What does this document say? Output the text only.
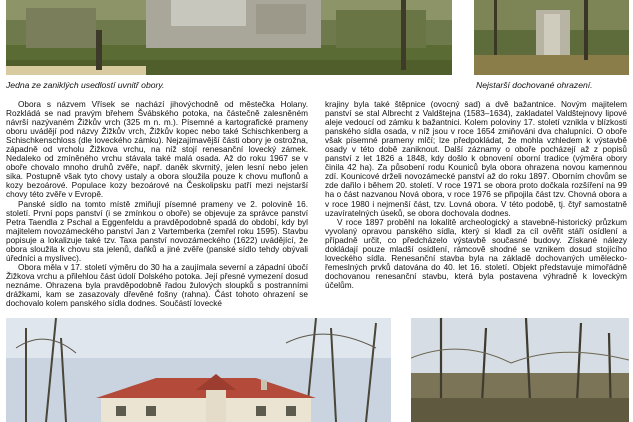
Jedna ze zaniklých usedlostí uvnitř obory.	Nejstarší dochované ohrazení.

Obora s názvem Vřísek se nachází jihovýchodně od městečka Holany. Rozkládá se nad pravým břehem Švábského potoka, na částečně zalesněném návrší nazývaném Žižkův vrch (325 m n. m.). Písemné a kartografické prameny oboru uvádějí pod názvy Žižkův vrch, Žižkův kopec nebo také Schischkenberg a Schischkenschloss (dle loveckého zámku). Nejzajímavější části obory je ostrožna, západně od vrcholu Žižkova vrchu, na níž stojí renesanční lovecký zámek. Nedaleko od zmíněného vrchu stávala také malá osada. Až do roku 1967 se v oboře chovalo mnoho druhů zvěře, např. daněk skvrnitý, jelen lesní nebo jelen sika. Postupně však tyto chovy ustaly a obora sloužila pouze k chovu muflonů a kozy bezoárové. Populace kozy bezoárové na Českolipsku patří mezi nejstarší chovy této zvěře v Evropě.

Panské sídlo na tomto místě zmiňují písemné prameny ve 2. polovině 16. století. První pops panství (i se zmínkou o oboře) se objevuje za správce panství Petra Taendla z Pschal a Eggenfeldu a pravděpodobně spadá do období, kdy byl majitelem novozámeckého panství Jan z Vartemberka (zemřel roku 1595). Stavbu popisuje a lokalizuje také tzv. Taxa panství novozámeckého (1622) uvádějící, že obora sloužila k chovu sta jelenů, daňků a jiné zvěře (panské sídlo tehdy obývali úředníci a myslivec).

Obora měla v 17. století výměru do 30 ha a zaujímala severní a západní úbočí Žižkova vrchu a přilehlou část údolí Dolského potoka. Její přesné vymezení dosud neznáme. Ohrazena byla pravděpodobně řadou žulových sloupků s postranními drážkami, kam se zasazovaly dřevěné fošny (rahna). Část tohoto ohrazení se dochovalo kolem panského sídla dodnes. Součástí lovecké

krajiny byla také štěpnice (ovocný sad) a dvě bažantnice. Novým majitelem panství se stal Albrecht z Valdštejna (1583–1634), zakladatel Valdštejnovy lipové aleje vedoucí od zámku k bažantnici. Kolem poloviny 17. století vznikla v blízkosti panského sídla osada, v níž jsou v roce 1654 zmiňováni dva chalupníci. O oboře však písemné prameny mlčí; lze předpokládat, že mohla vzhledem k výstavbě osady v této době zaniknout. Další záznamy o oboře pocházejí až z popisů panství z let 1826 a 1848, kdy došlo k obnovení oborní tradice (výměra obory činila 42 ha). Za působení rodu Kouniců byla obora ohrazena novou kamennou zdí. Kounicové drželi novozámecké panství až do roku 1897. Oborním chovům se zde dařilo i během 20. století. V roce 1971 se obora proto dočkala rozšíření na 99 ha o část nazvanou Nová obora, v roce 1976 se připojila část tzv. Chovná obora a v roce 1980 i nejmenší část, tzv. Lovná obora. V této podobě, tj. čtyř samostatně uzavíratelných úseků, se obora dochovala dodnes.

V roce 1897 proběhl na lokalitě archeologický a stavebně-historický průzkum vyvolaný opravou panského sídla, který si kladl za cíl ověřit stáří osídlení a případně určit, co předcházelo výstavbě současné budovy. Získané nálezy dokládají pouze mladší osídlení, rámcově shodné se vznikem dosud stojícího loveckého sídla. Renesanční stavba byla na základě dochovaných umělecko-řemeslných prvků datována do 40. let 16. století. Objekt představuje mimořádně dochovanou renesanční stavbu, která byla postavena výhradně k loveckým účelům.
